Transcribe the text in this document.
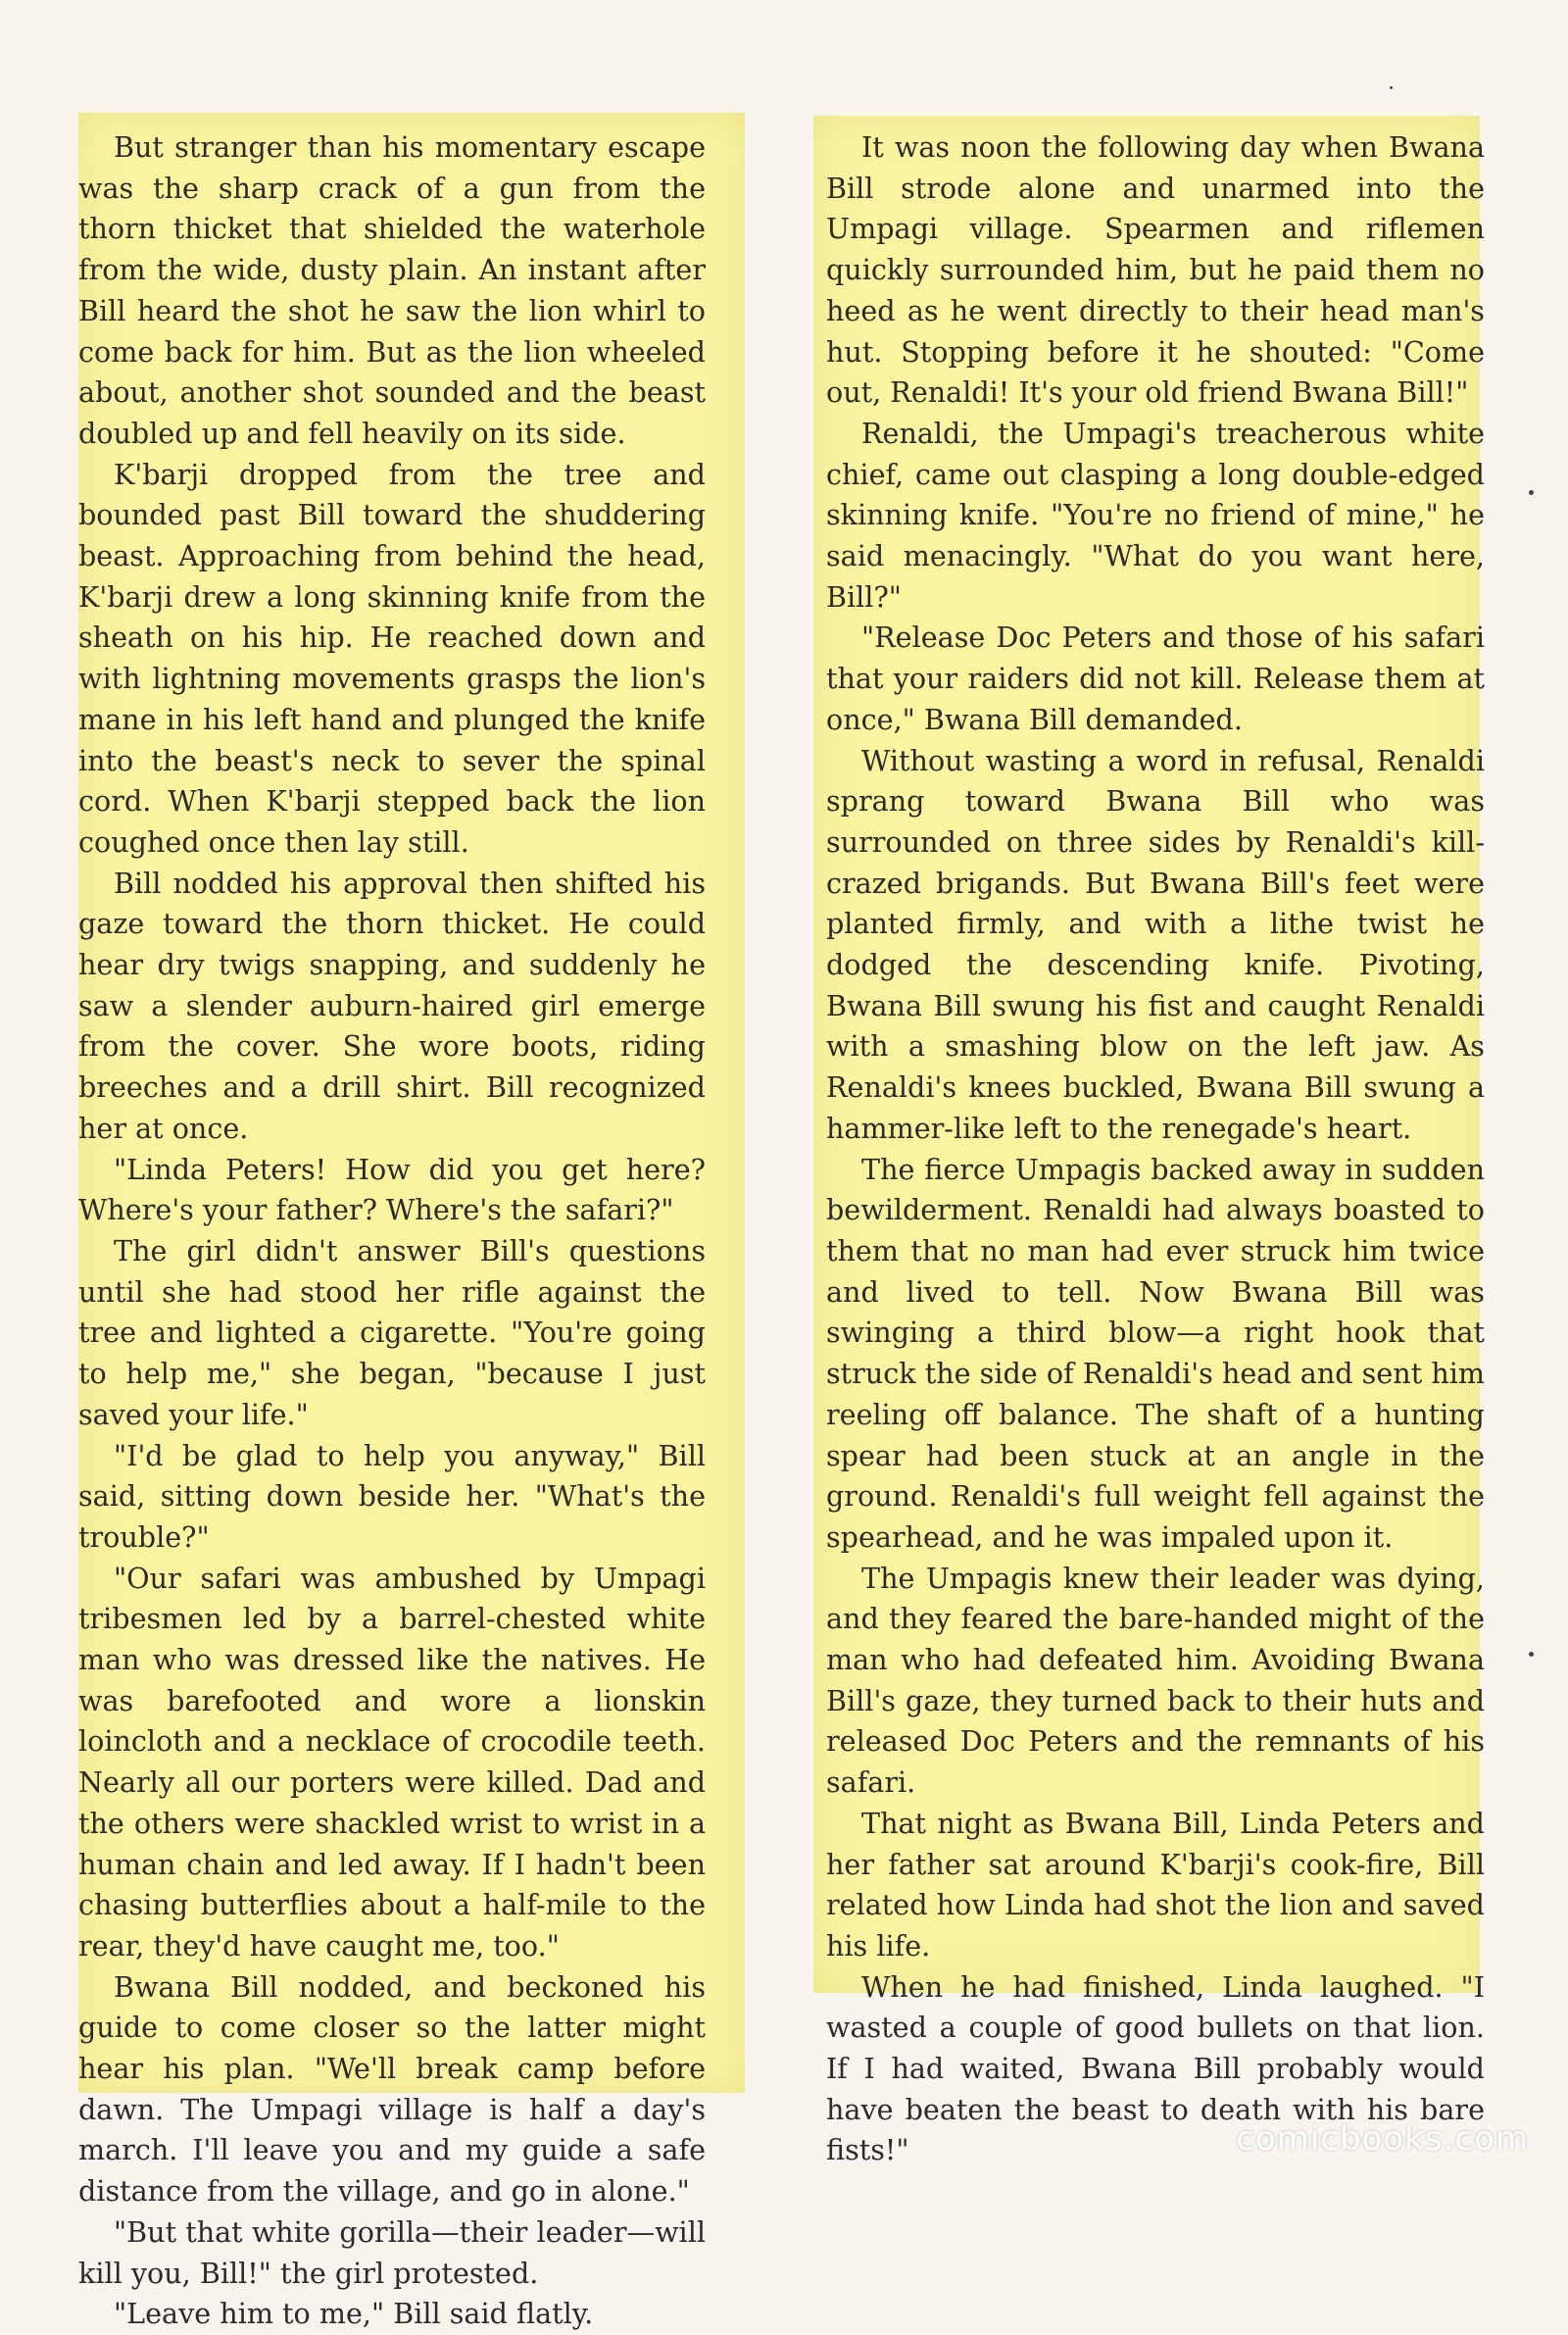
But stranger than his momentary escape was the sharp crack of a gun from the thorn thicket that shielded the waterhole from the wide, dusty plain. An instant after Bill heard the shot he saw the lion whirl to come back for him. But as the lion wheeled about, another shot sounded and the beast doubled up and fell heavily on its side.

K'barji dropped from the tree and bounded past Bill toward the shuddering beast. Approaching from behind the head, K'barji drew a long skinning knife from the sheath on his hip. He reached down and with lightning movements grasps the lion's mane in his left hand and plunged the knife into the beast's neck to sever the spinal cord. When K'barji stepped back the lion coughed once then lay still.

Bill nodded his approval then shifted his gaze toward the thorn thicket. He could hear dry twigs snapping, and suddenly he saw a slender auburn-haired girl emerge from the cover. She wore boots, riding breeches and a drill shirt. Bill recognized her at once.

"Linda Peters! How did you get here? Where's your father? Where's the safari?"

The girl didn't answer Bill's questions until she had stood her rifle against the tree and lighted a cigarette. "You're going to help me," she began, "because I just saved your life."

"I'd be glad to help you anyway," Bill said, sitting down beside her. "What's the trouble?"

"Our safari was ambushed by Umpagi tribesmen led by a barrel-chested white man who was dressed like the natives. He was barefooted and wore a lionskin loincloth and a necklace of crocodile teeth. Nearly all our porters were killed. Dad and the others were shackled wrist to wrist in a human chain and led away. If I hadn't been chasing butterflies about a half-mile to the rear, they'd have caught me, too."

Bwana Bill nodded, and beckoned his guide to come closer so the latter might hear his plan. "We'll break camp before dawn. The Umpagi village is half a day's march. I'll leave you and my guide a safe distance from the village, and go in alone."

"But that white gorilla—their leader—will kill you, Bill!" the girl protested.

"Leave him to me," Bill said flatly.

It was noon the following day when Bwana Bill strode alone and unarmed into the Umpagi village. Spearmen and riflemen quickly surrounded him, but he paid them no heed as he went directly to their head man's hut. Stopping before it he shouted: "Come out, Renaldi! It's your old friend Bwana Bill!"

Renaldi, the Umpagi's treacherous white chief, came out clasping a long double-edged skinning knife. "You're no friend of mine," he said menacingly. "What do you want here, Bill?"

"Release Doc Peters and those of his safari that your raiders did not kill. Release them at once," Bwana Bill demanded.

Without wasting a word in refusal, Renaldi sprang toward Bwana Bill who was surrounded on three sides by Renaldi's kill-crazed brigands. But Bwana Bill's feet were planted firmly, and with a lithe twist he dodged the descending knife. Pivoting, Bwana Bill swung his fist and caught Renaldi with a smashing blow on the left jaw. As Renaldi's knees buckled, Bwana Bill swung a hammer-like left to the renegade's heart.

The fierce Umpagis backed away in sudden bewilderment. Renaldi had always boasted to them that no man had ever struck him twice and lived to tell. Now Bwana Bill was swinging a third blow—a right hook that struck the side of Renaldi's head and sent him reeling off balance. The shaft of a hunting spear had been stuck at an angle in the ground. Renaldi's full weight fell against the spearhead, and he was impaled upon it.

The Umpagis knew their leader was dying, and they feared the bare-handed might of the man who had defeated him. Avoiding Bwana Bill's gaze, they turned back to their huts and released Doc Peters and the remnants of his safari.

That night as Bwana Bill, Linda Peters and her father sat around K'barji's cook-fire, Bill related how Linda had shot the lion and saved his life.

When he had finished, Linda laughed. "I wasted a couple of good bullets on that lion. If I had waited, Bwana Bill probably would have beaten the beast to death with his bare fists!"	comicbooks.com
